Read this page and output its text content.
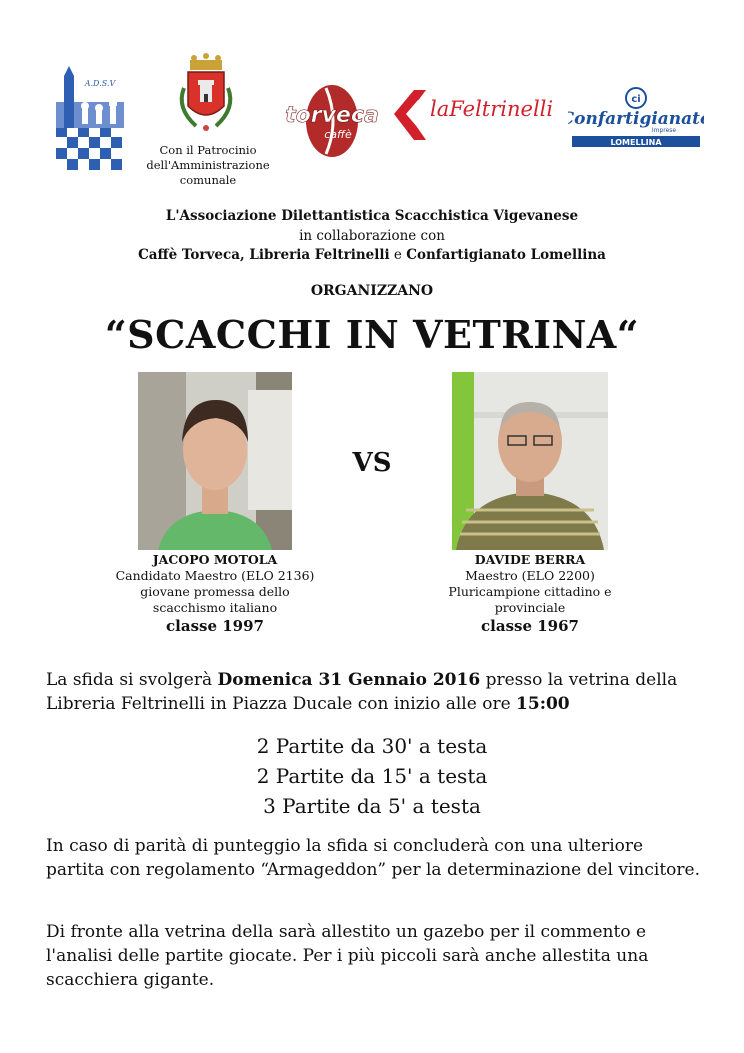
A.D.S.V
Con il Patrocinio
dell'Amministrazione
comunale
torveca
caffè
laFeltrinelli	ci
Confartigianato
Imprese
LOMELLINA
L'Associazione Dilettantistica Scacchistica Vigevanese
in collaborazione con
Caffè Torveca, Libreria Feltrinelli e Confartigianato Lomellina
ORGANIZZANO
“SCACCHI IN VETRINA“
VS
JACOPO MOTOLA
Candidato Maestro (ELO 2136)
giovane promessa dello
scacchismo italiano
classe 1997
DAVIDE BERRA
Maestro (ELO 2200)
Pluricampione cittadino e
provinciale
classe 1967
La sfida si svolgerà Domenica 31 Gennaio 2016 presso la vetrina della Libreria Feltrinelli in Piazza Ducale con inizio alle ore 15:00
2 Partite da 30' a testa
2 Partite da 15' a testa
3 Partite da 5' a testa
In caso di parità di punteggio la sfida si concluderà con una ulteriore partita con regolamento “Armageddon” per la determinazione del vincitore.
Di fronte alla vetrina della sarà allestito un gazebo per il commento e l'analisi delle partite giocate. Per i più piccoli sarà anche allestita una scacchiera gigante.
